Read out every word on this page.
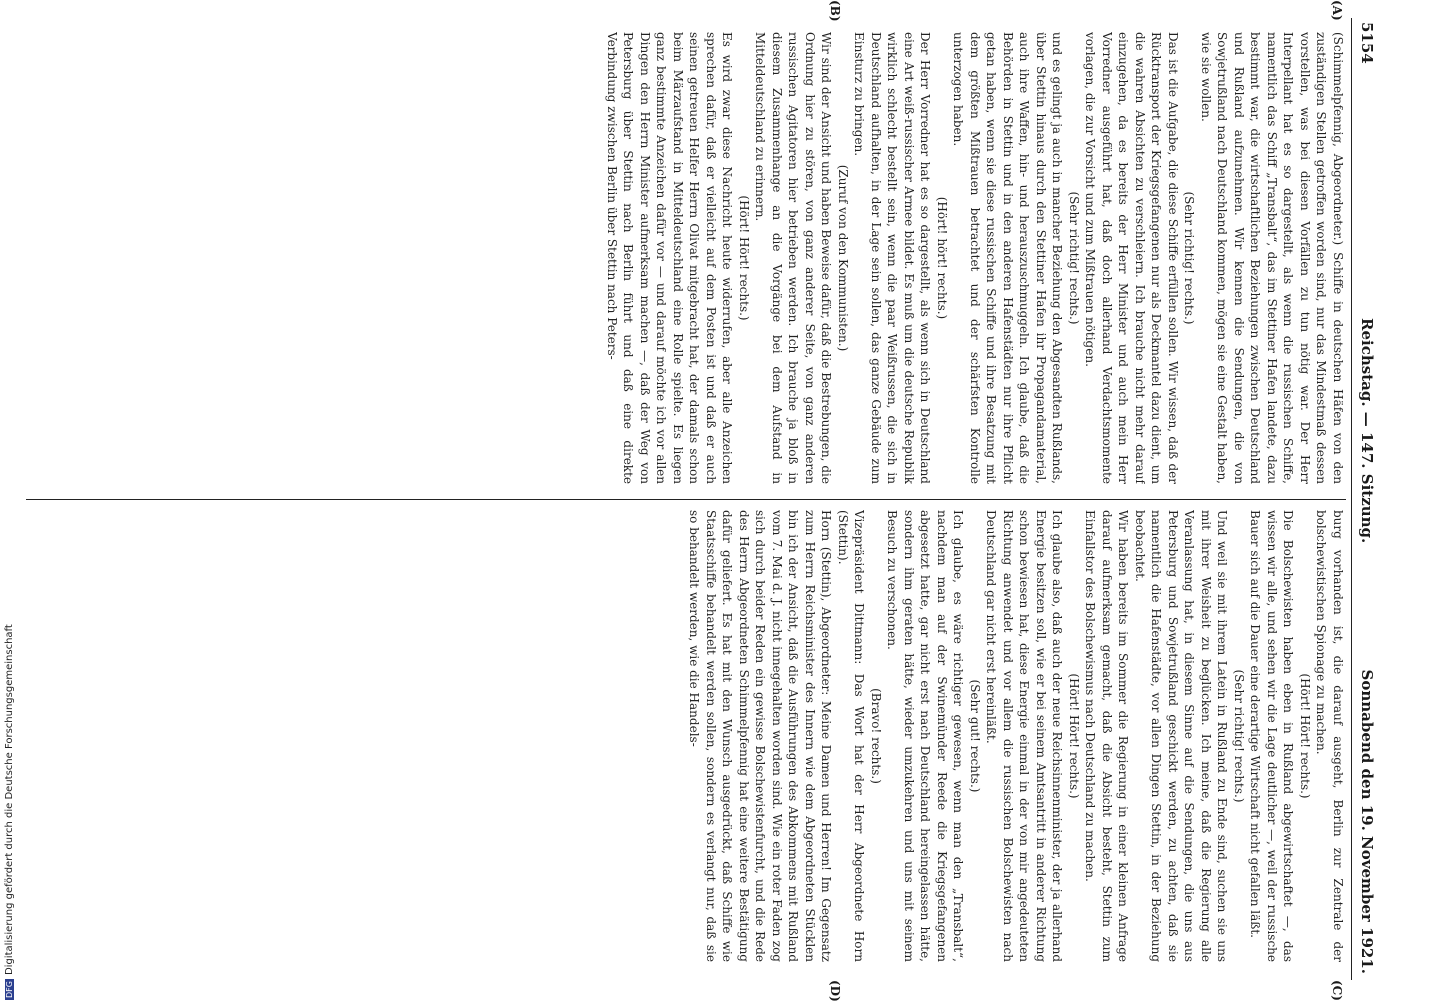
5154
Reichstag. — 147. Sitzung.
Sonnabend den 19. November 1921.
(A)
(B)
(C)
(D)

(Schimmelpfennig, Abgeordneter.) Schiffe in deutschen Häfen von den zuständigen Stellen getroffen worden sind, nur das Mindestmaß dessen vorstellen, was bei diesen Vorfällen zu tun nötig war. Der Herr Interpellant hat es so dargestellt, als wenn die russischen Schiffe, namentlich das Schiff „Transbalt“, das im Stettiner Hafen landete, dazu bestimmt war, die wirtschaftlichen Beziehungen zwischen Deutschland und Rußland aufzunehmen. Wir kennen die Sendungen, die von Sowjetrußland nach Deutschland kommen, mögen sie eine Gestalt haben, wie sie wollen.

(Sehr richtig! rechts.)

Das ist die Aufgabe, die diese Schiffe erfüllen sollen. Wir wissen, daß der Rücktransport der Kriegsgefangenen nur als Deckmantel dazu dient, um die wahren Absichten zu verschleiern. Ich brauche nicht mehr darauf einzugehen, da es bereits der Herr Minister und auch mein Herr Vorredner ausgeführt hat, daß doch allerhand Verdachtsmomente vorlagen, die zur Vorsicht und zum Mißtrauen nötigen.

(Sehr richtig! rechts.)

und es gelingt ja auch in mancher Beziehung den Abgesandten Rußlands, über Stettin hinaus durch den Stettiner Hafen ihr Propagandamaterial, auch ihre Waffen, hin- und herauszuschmuggeln. Ich glaube, daß die Behörden in Stettin und in den anderen Hafenstädten nur ihre Pflicht getan haben, wenn sie diese russischen Schiffe und ihre Besatzung mit dem größten Mißtrauen betrachtet und der schärfsten Kontrolle unterzogen haben.

(Hört! hört! rechts.)

Der Herr Vorredner hat es so dargestellt, als wenn sich in Deutschland eine Art weiß-russischer Armee bildet. Es muß um die deutsche Republik wirklich schlecht bestellt sein, wenn die paar Weißrussen, die sich in Deutschland aufhalten, in der Lage sein sollen, das ganze Gebäude zum Einsturz zu bringen.

(Zuruf von den Kommunisten.)

Wir sind der Ansicht und haben Beweise dafür, daß die Bestrebungen, die Ordnung hier zu stören, von ganz anderer Seite, von ganz anderen russischen Agitatoren hier betrieben werden. Ich brauche ja bloß in diesem Zusammenhange an die Vorgänge bei dem Aufstand in Mitteldeutschland zu erinnern.

(Hört! Hört! rechts.)

Es wird zwar diese Nachricht heute widerrufen, aber alle Anzeichen sprechen dafür, daß er vielleicht auf dem Posten ist und daß er auch seinen getreuen Helfer Herrn Olivat mitgebracht hat, der damals schon beim Märzaufstand in Mitteldeutschland eine Rolle spielte. Es liegen ganz bestimmte Anzeichen dafür vor — und darauf möchte ich vor allen Dingen den Herrn Minister aufmerksam machen —, daß der Weg von Petersburg über Stettin nach Berlin führt und daß eine direkte Verbindung zwischen Berlin über Stettin nach Peters-

burg vorhanden ist, die darauf ausgeht, Berlin zur Zentrale der bolschewistischen Spionage zu machen.

(Hört! Hört! rechts.)

Die Bolschewisten haben eben in Rußland abgewirtschaftet —, das wissen wir alle, und sehen wir die Lage deutlicher —, weil der russische Bauer sich auf die Dauer eine derartige Wirtschaft nicht gefallen läßt.

(Sehr richtig! rechts.)

Und weil sie mit ihrem Latein in Rußland zu Ende sind, suchen sie uns mit ihrer Weisheit zu beglücken. Ich meine, daß die Regierung alle Veranlassung hat, in diesem Sinne auf die Sendungen, die uns aus Petersburg und Sowjetrußland geschickt werden, zu achten, daß sie namentlich die Hafenstädte, vor allen Dingen Stettin, in der Beziehung beobachtet.

Wir haben bereits im Sommer die Regierung in einer kleinen Anfrage darauf aufmerksam gemacht, daß die Absicht besteht, Stettin zum Einfallstor des Bolschewismus nach Deutschland zu machen.

(Hört! Hört! rechts.)

Ich glaube also, daß auch der neue Reichsinnenminister, der ja allerhand Energie besitzen soll, wie er bei seinem Amtsantritt in anderer Richtung schon bewiesen hat, diese Energie einmal in der von mir angedeuteten Richtung anwendet und vor allem die russischen Bolschewisten nach Deutschland gar nicht erst hereinläßt.

(Sehr gut! rechts.)

Ich glaube, es wäre richtiger gewesen, wenn man den „Transbalt“, nachdem man auf der Swinemünder Reede die Kriegsgefangenen abgesetzt hatte, gar nicht erst nach Deutschland hereingelassen hätte, sondern ihm geraten hätte, wieder umzukehren und uns mit seinem Besuch zu verschonen.

(Bravo! rechts.)

Vizepräsident Dittmann: Das Wort hat der Herr Abgeordnete Horn (Stettin).

Horn (Stettin), Abgeordneter: Meine Damen und Herren! Im Gegensatz zum Herrn Reichsminister des Innern wie dem Abgeordneten Stücklen bin ich der Ansicht, daß die Ausführungen des Abkommens mit Rußland vom 7. Mai d. J. nicht innegehalten worden sind. Wie ein roter Faden zog sich durch beider Reden ein gewisse Bolschewistenfurcht, und die Rede des Herrn Abgeordneten Schimmelpfennig hat eine weitere Bestätigung dafür geliefert. Es hat mit den Wunsch ausgedrückt, daß Schiffe wie Staatsschiffe behandelt werden sollen, sondern es verlangt nur, daß sie so behandelt werden, wie die Handels-

DFGDigitalisierung gefördert durch die Deutsche Forschungsgemeinschaft
